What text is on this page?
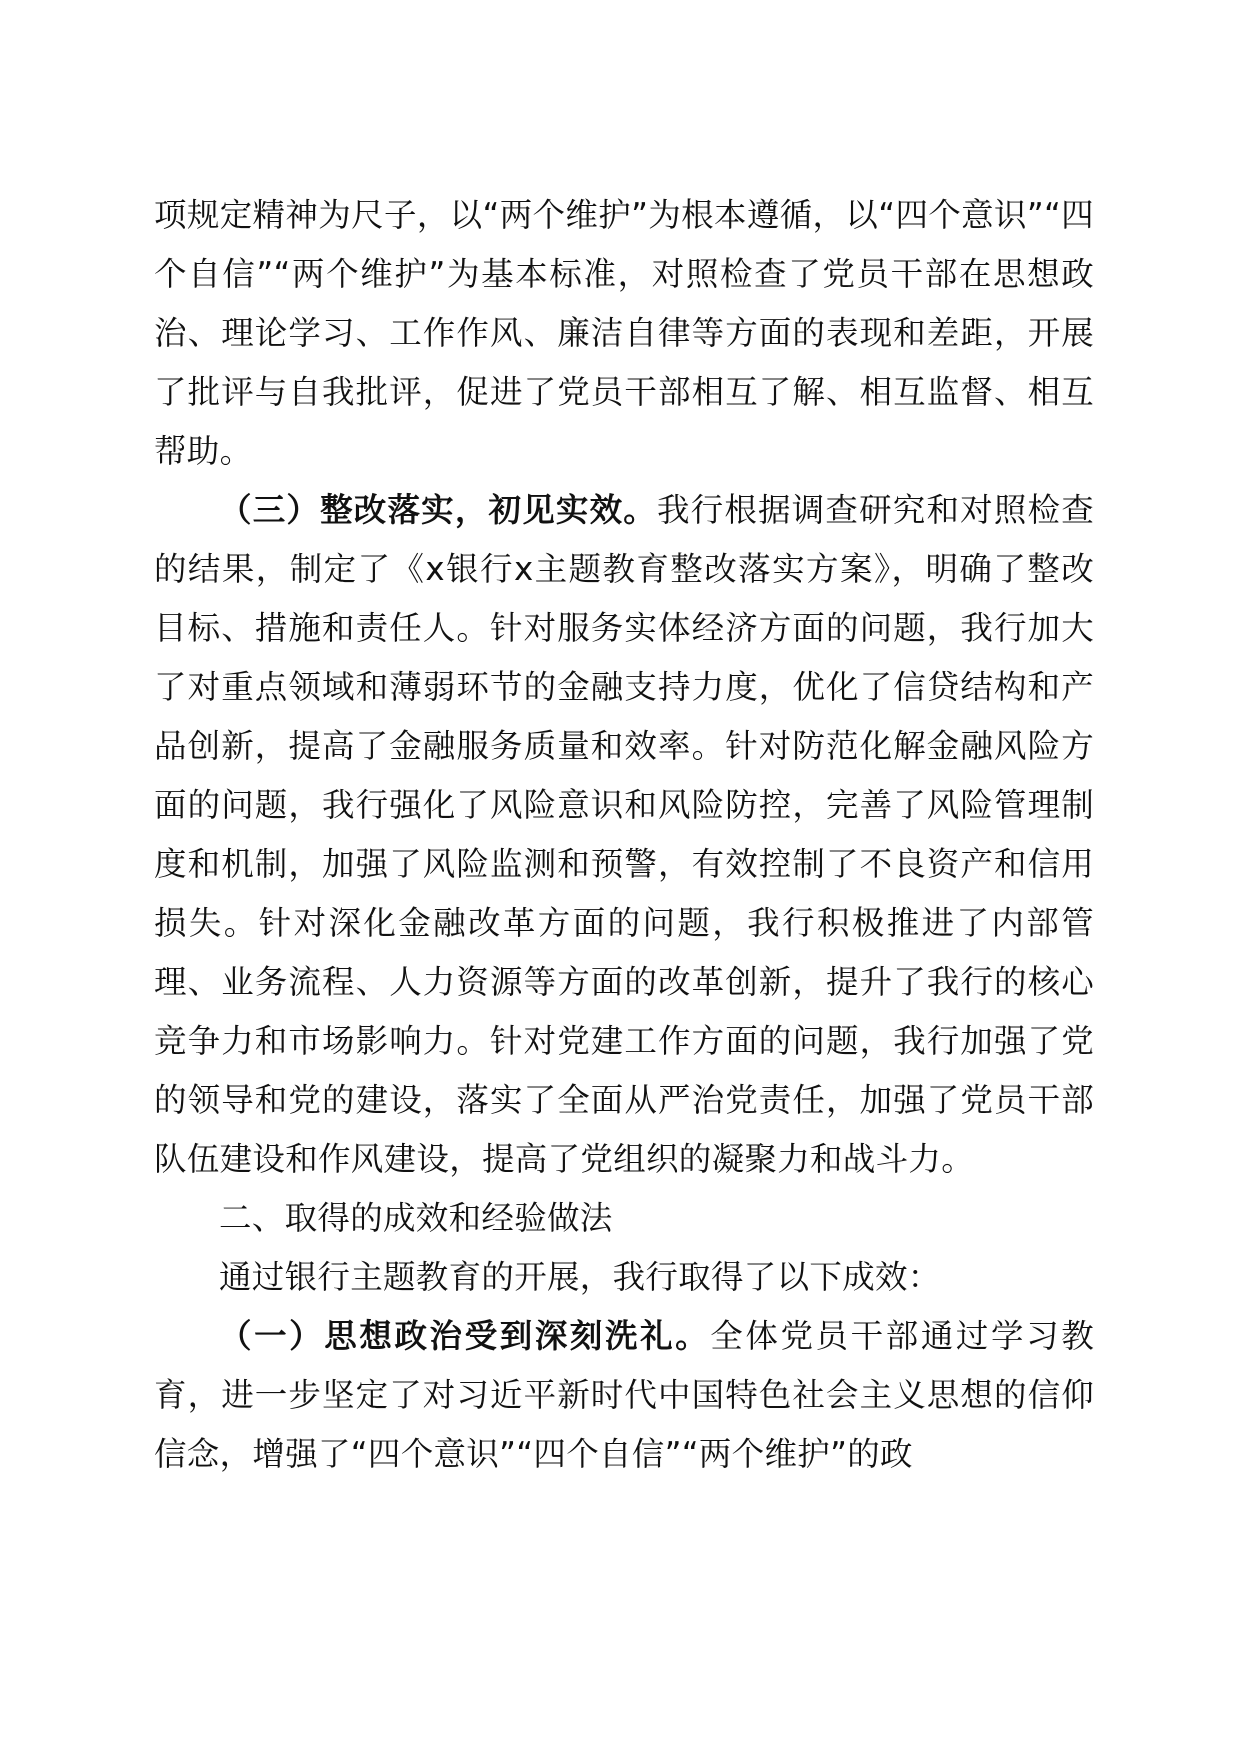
项规定精神为尺子，以“两个维护”为根本遵循，以“四个意识”“四个自信”“两个维护”为基本标准，对照检查了党员干部在思想政治、理论学习、工作作风、廉洁自律等方面的表现和差距，开展了批评与自我批评，促进了党员干部相互了解、相互监督、相互帮助。

（三）整改落实，初见实效。我行根据调查研究和对照检查的结果，制定了《x银行x主题教育整改落实方案》，明确了整改目标、措施和责任人。针对服务实体经济方面的问题，我行加大了对重点领域和薄弱环节的金融支持力度，优化了信贷结构和产品创新，提高了金融服务质量和效率。针对防范化解金融风险方面的问题，我行强化了风险意识和风险防控，完善了风险管理制度和机制，加强了风险监测和预警，有效控制了不良资产和信用损失。针对深化金融改革方面的问题，我行积极推进了内部管理、业务流程、人力资源等方面的改革创新，提升了我行的核心竞争力和市场影响力。针对党建工作方面的问题，我行加强了党的领导和党的建设，落实了全面从严治党责任，加强了党员干部队伍建设和作风建设，提高了党组织的凝聚力和战斗力。

二、取得的成效和经验做法

通过银行主题教育的开展，我行取得了以下成效：

（一）思想政治受到深刻洗礼。全体党员干部通过学习教育，进一步坚定了对习近平新时代中国特色社会主义思想的信仰信念，增强了“四个意识”“四个自信”“两个维护”的政
